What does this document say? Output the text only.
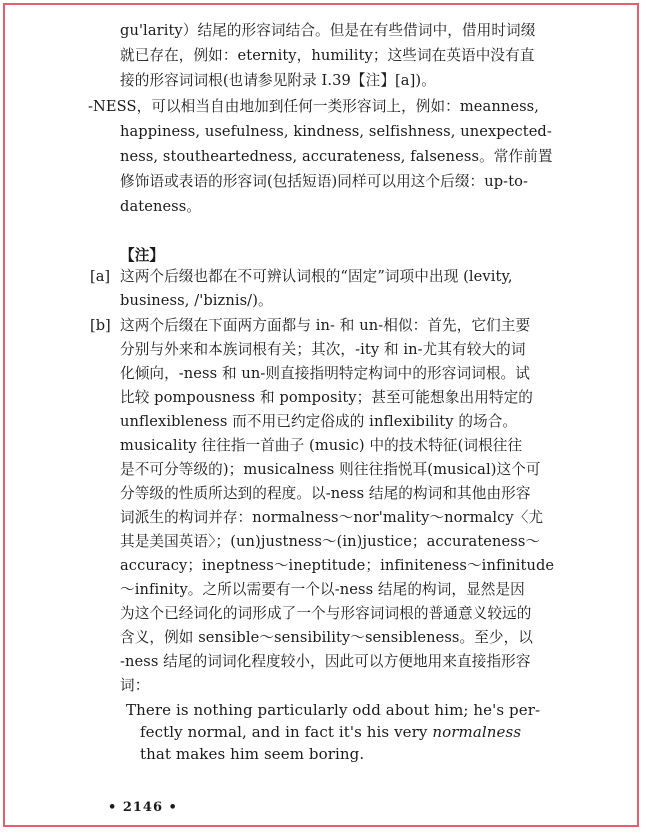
gu'larity）结尾的形容词结合。但是在有些借词中，借用时词缀
就已存在，例如：eternity，humility；这些词在英语中没有直
接的形容词词根(也请参见附录 Ⅰ.39【注】[a])。
-NESS，可以相当自由地加到任何一类形容词上，例如：meanness,
happiness, usefulness, kindness, selfishness, unexpected-
ness, stoutheartedness, accurateness, falseness。常作前置
修饰语或表语的形容词(包括短语)同样可以用这个后缀：up-to-
dateness。
【注】
[a] 这两个后缀也都在不可辨认词根的“固定”词项中出现 (levity,
business, /'biznis/)。
[b] 这两个后缀在下面两方面都与 in- 和 un-相似：首先，它们主要
分别与外来和本族词根有关；其次，-ity 和 in-尤其有较大的词
化倾向，-ness 和 un-则直接指明特定构词中的形容词词根。试
比较 pompousness 和 pomposity；甚至可能想象出用特定的
unflexibleness 而不用已约定俗成的 inflexibility 的场合。
musicality 往往指一首曲子 (music) 中的技术特征(词根往往
是不可分等级的)；musicalness 则往往指悦耳(musical)这个可
分等级的性质所达到的程度。以-ness 结尾的构词和其他由形容
词派生的构词并存：normalness～nor'mality～normalcy〈尤
其是美国英语〉；(un)justness～(in)justice；accurateness～
accuracy；ineptness～ineptitude；infiniteness～infinitude
～infinity。之所以需要有一个以-ness 结尾的构词，显然是因
为这个已经词化的词形成了一个与形容词词根的普通意义较远的
含义，例如 sensible～sensibility～sensibleness。至少，以
-ness 结尾的词词化程度较小，因此可以方便地用来直接指形容
词：
There is nothing particularly odd about him; he's per-
fectly normal, and in fact it's his very normalness
that makes him seem boring.
• 2146 •
